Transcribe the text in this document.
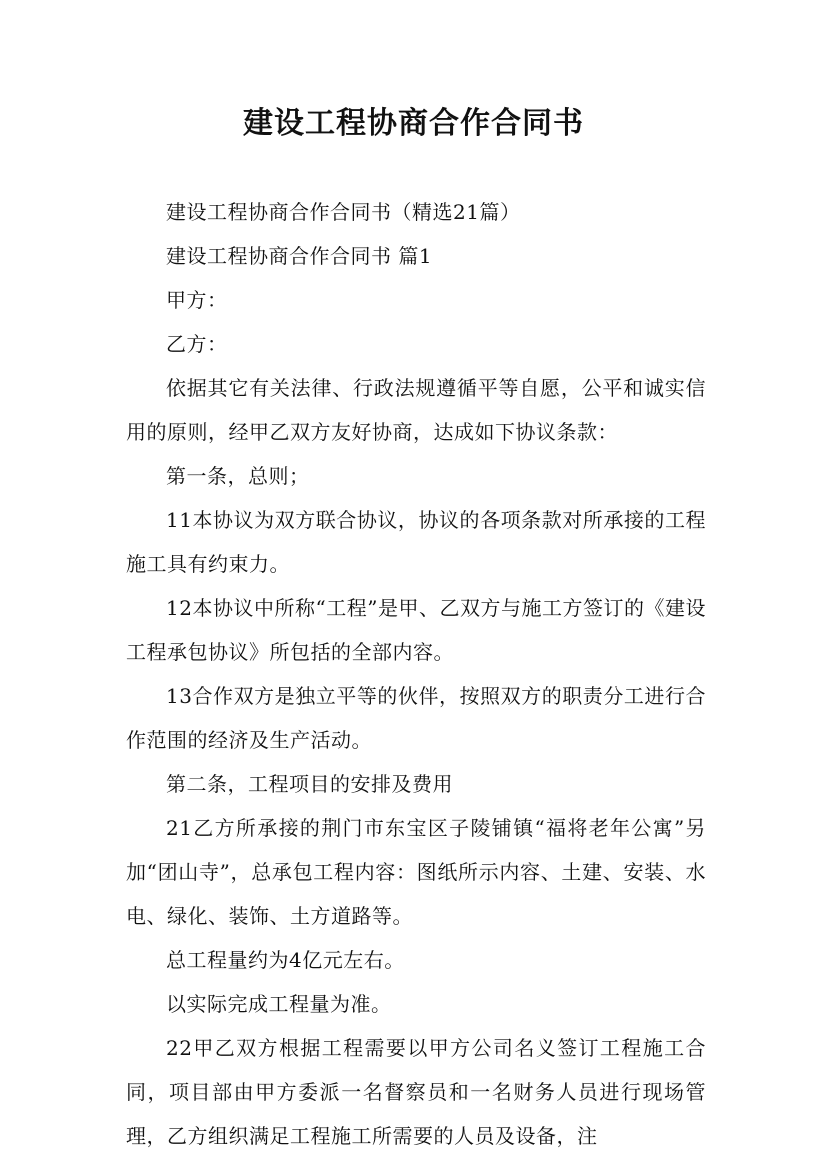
建设工程协商合作合同书

建设工程协商合作合同书（精选21篇）

建设工程协商合作合同书 篇1

甲方：

乙方：

依据其它有关法律、行政法规遵循平等自愿，公平和诚实信用的原则，经甲乙双方友好协商，达成如下协议条款：

第一条，总则；

11本协议为双方联合协议，协议的各项条款对所承接的工程施工具有约束力。

12本协议中所称“工程”是甲、乙双方与施工方签订的《建设工程承包协议》所包括的全部内容。

13合作双方是独立平等的伙伴，按照双方的职责分工进行合作范围的经济及生产活动。

第二条，工程项目的安排及费用

21乙方所承接的荆门市东宝区子陵铺镇“福将老年公寓”另加“团山寺”，总承包工程内容：图纸所示内容、土建、安装、水电、绿化、装饰、土方道路等。

总工程量约为4亿元左右。

以实际完成工程量为准。

22甲乙双方根据工程需要以甲方公司名义签订工程施工合同，项目部由甲方委派一名督察员和一名财务人员进行现场管理，乙方组织满足工程施工所需要的人员及设备，注
